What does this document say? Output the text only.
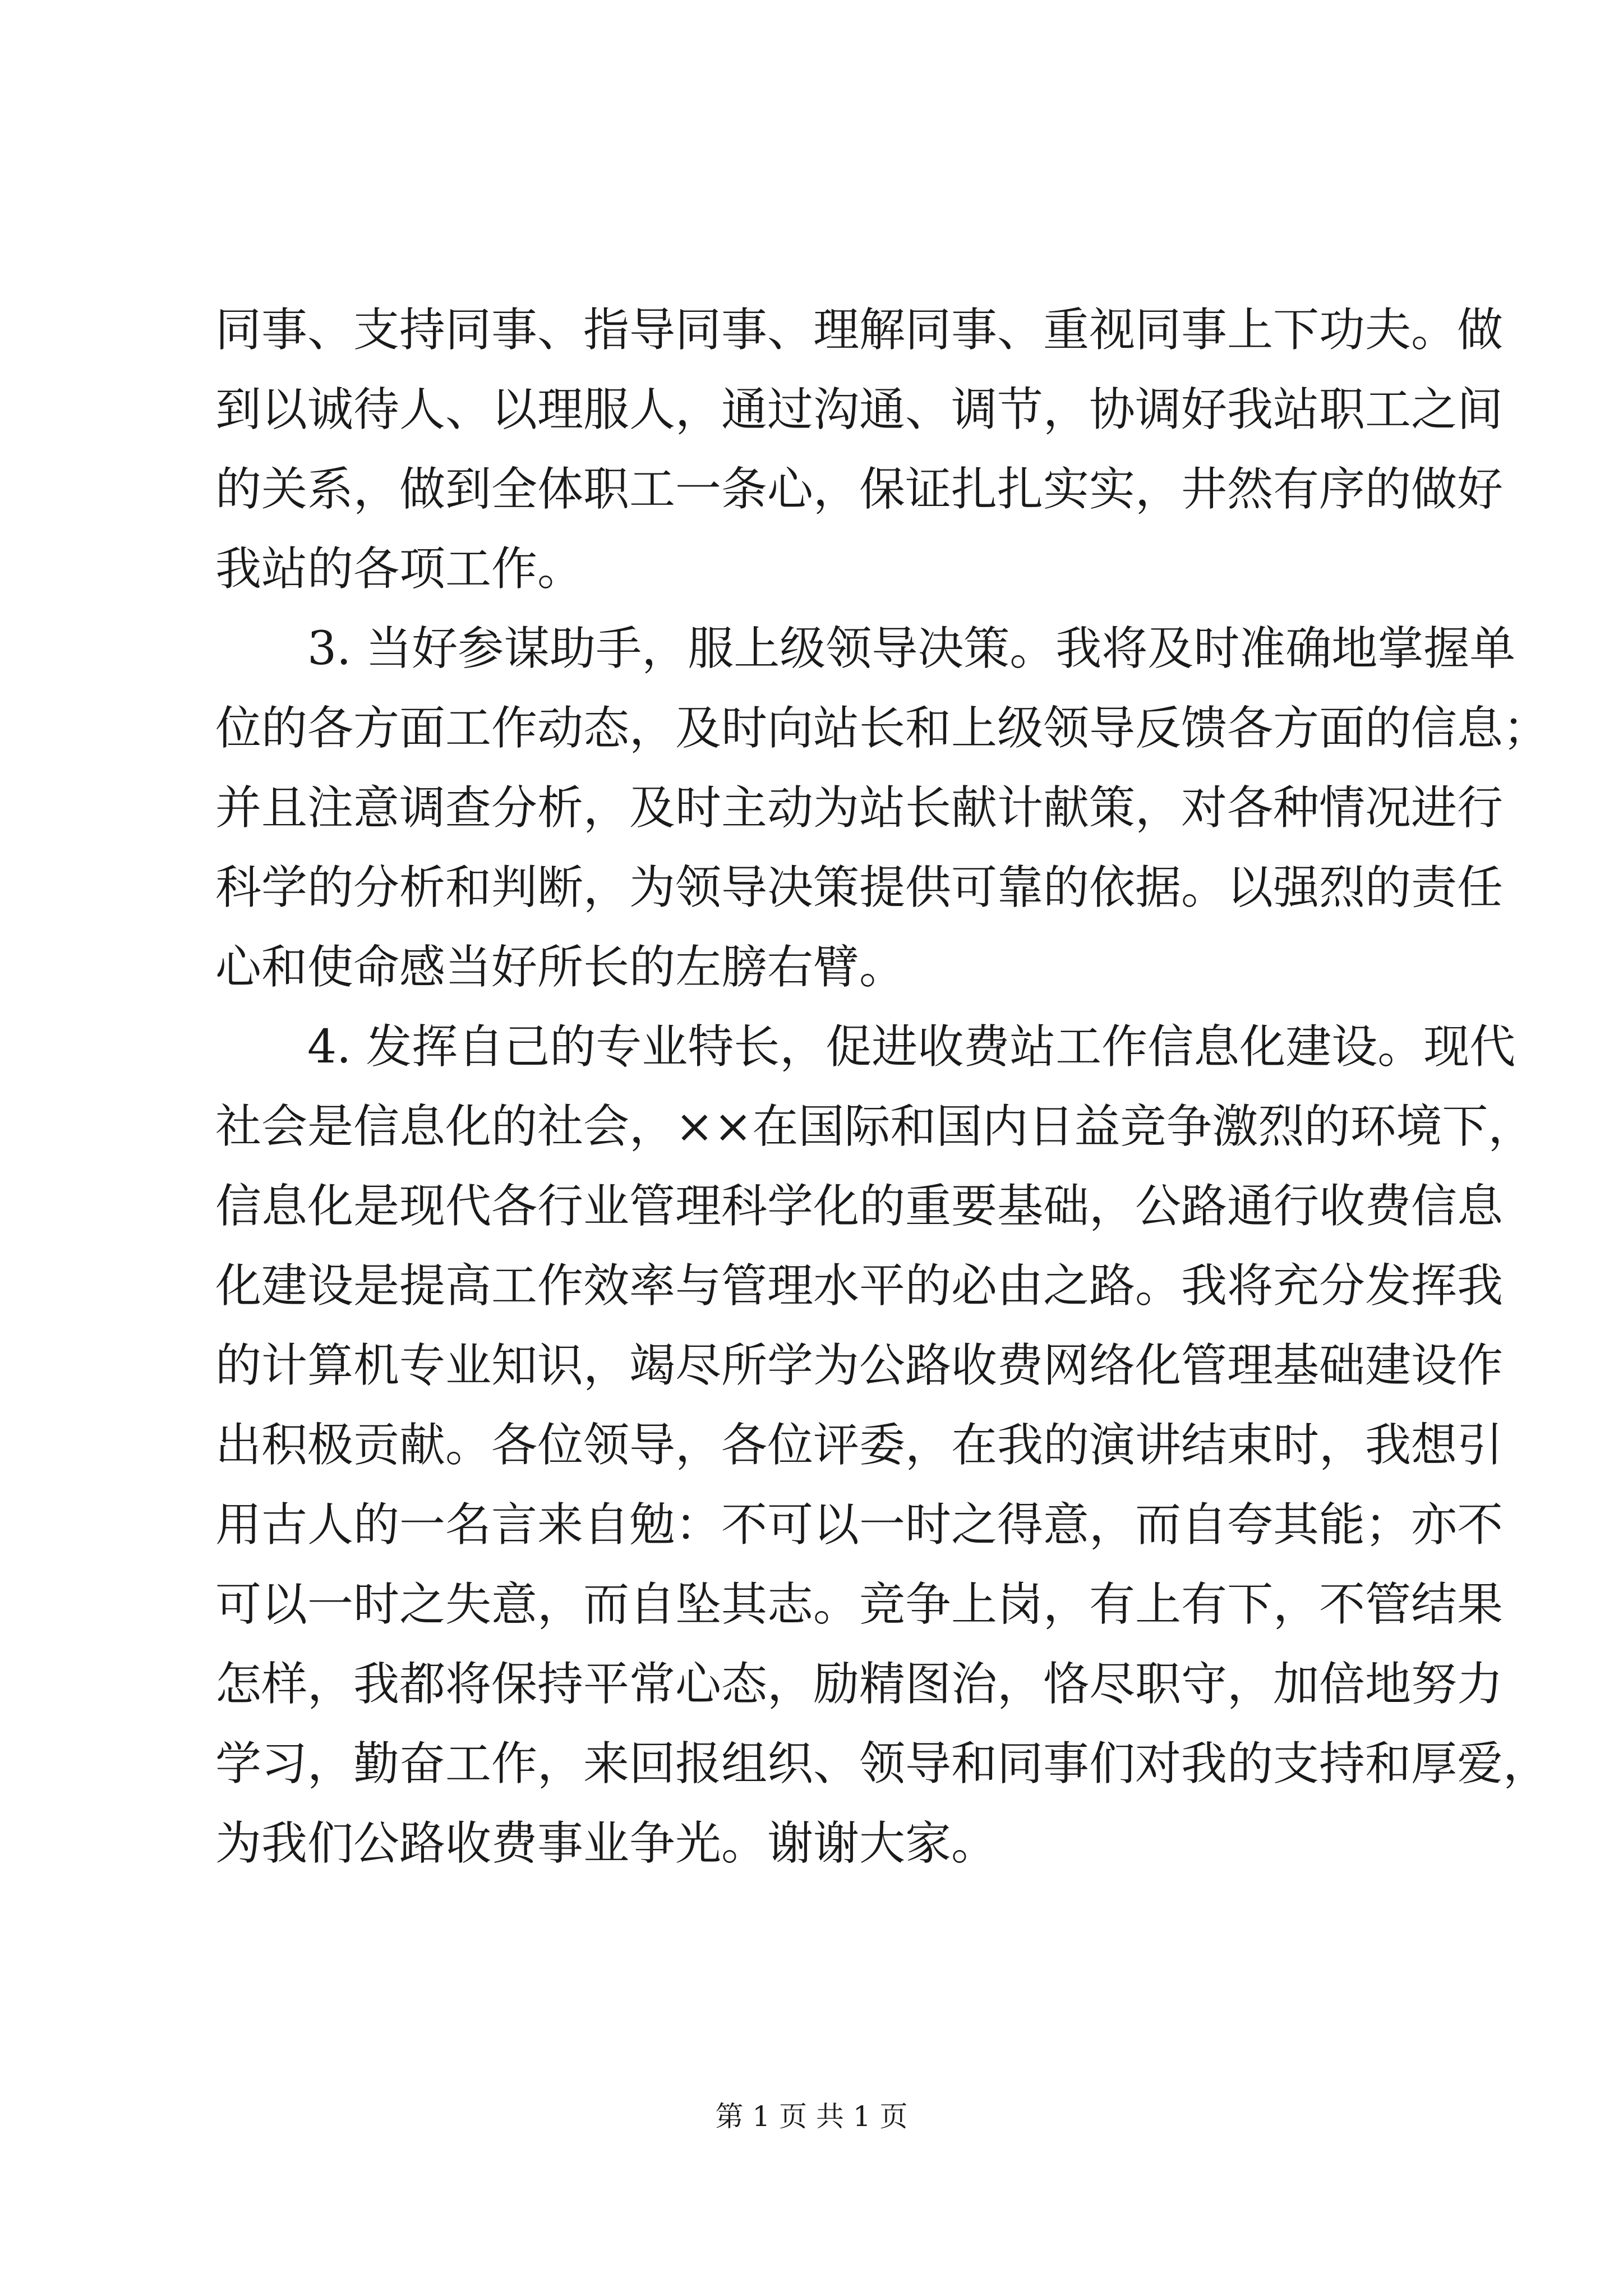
同事、支持同事、指导同事、理解同事、重视同事上下功夫。做
到以诚待人、以理服人，通过沟通、调节，协调好我站职工之间
的关系，做到全体职工一条心，保证扎扎实实，井然有序的做好
我站的各项工作。
3. 当好参谋助手，服上级领导决策。我将及时准确地掌握单
位的各方面工作动态，及时向站长和上级领导反馈各方面的信息；
并且注意调查分析，及时主动为站长献计献策，对各种情况进行
科学的分析和判断，为领导决策提供可靠的依据。以强烈的责任
心和使命感当好所长的左膀右臂。
4. 发挥自己的专业特长，促进收费站工作信息化建设。现代
社会是信息化的社会，××在国际和国内日益竞争激烈的环境下，
信息化是现代各行业管理科学化的重要基础，公路通行收费信息
化建设是提高工作效率与管理水平的必由之路。我将充分发挥我
的计算机专业知识，竭尽所学为公路收费网络化管理基础建设作
出积极贡献。各位领导，各位评委，在我的演讲结束时，我想引
用古人的一名言来自勉：不可以一时之得意，而自夸其能；亦不
可以一时之失意，而自坠其志。竞争上岗，有上有下，不管结果
怎样，我都将保持平常心态，励精图治，恪尽职守，加倍地努力
学习，勤奋工作，来回报组织、领导和同事们对我的支持和厚爱，
为我们公路收费事业争光。谢谢大家。
第 1 页 共 1 页
